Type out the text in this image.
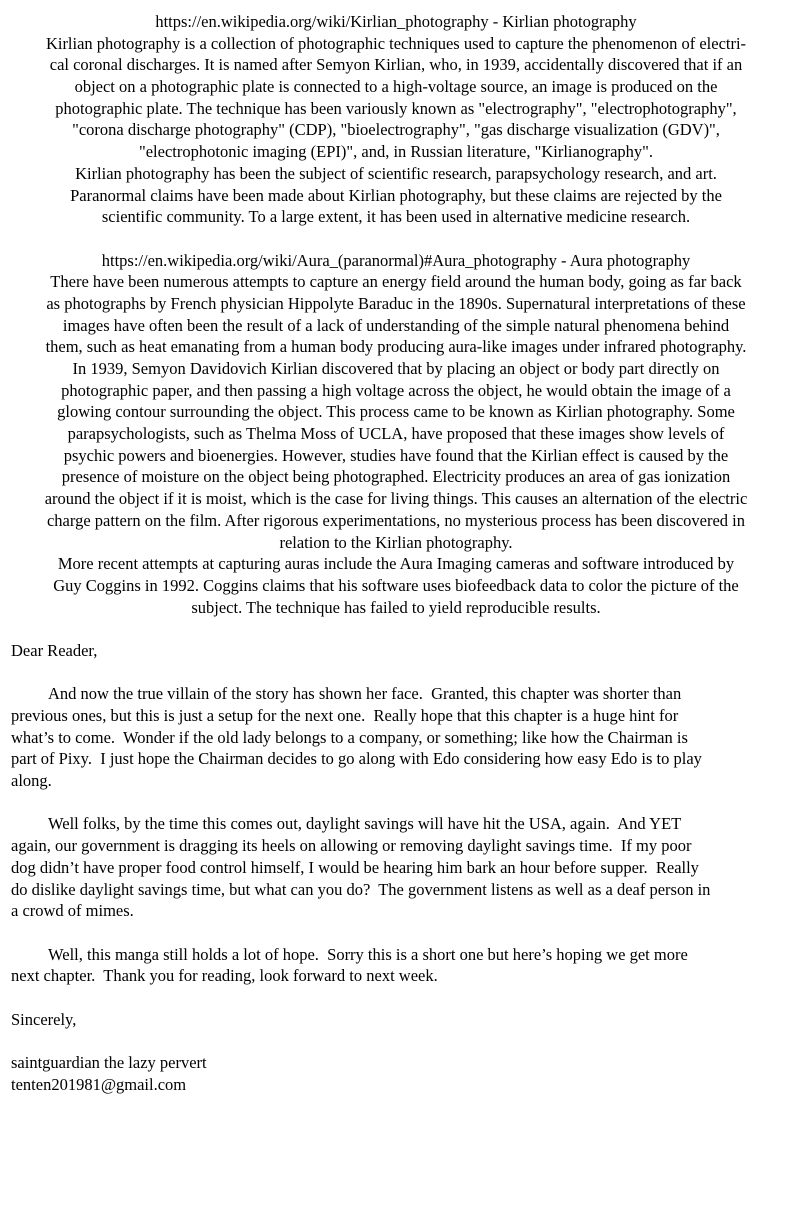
https://en.wikipedia.org/wiki/Kirlian_photography - Kirlian photography
Kirlian photography is a collection of photographic techniques used to capture the phenomenon of electri-
cal coronal discharges. It is named after Semyon Kirlian, who, in 1939, accidentally discovered that if an
object on a photographic plate is connected to a high-voltage source, an image is produced on the
photographic plate. The technique has been variously known as "electrography", "electrophotography",
"corona discharge photography" (CDP), "bioelectrography", "gas discharge visualization (GDV)",
"electrophotonic imaging (EPI)", and, in Russian literature, "Kirlianography".
Kirlian photography has been the subject of scientific research, parapsychology research, and art.
Paranormal claims have been made about Kirlian photography, but these claims are rejected by the
scientific community. To a large extent, it has been used in alternative medicine research.
https://en.wikipedia.org/wiki/Aura_(paranormal)#Aura_photography - Aura photography
There have been numerous attempts to capture an energy field around the human body, going as far back
as photographs by French physician Hippolyte Baraduc in the 1890s. Supernatural interpretations of these
images have often been the result of a lack of understanding of the simple natural phenomena behind
them, such as heat emanating from a human body producing aura-like images under infrared photography.
In 1939, Semyon Davidovich Kirlian discovered that by placing an object or body part directly on
photographic paper, and then passing a high voltage across the object, he would obtain the image of a
glowing contour surrounding the object. This process came to be known as Kirlian photography. Some
parapsychologists, such as Thelma Moss of UCLA, have proposed that these images show levels of
psychic powers and bioenergies. However, studies have found that the Kirlian effect is caused by the
presence of moisture on the object being photographed. Electricity produces an area of gas ionization
around the object if it is moist, which is the case for living things. This causes an alternation of the electric
charge pattern on the film. After rigorous experimentations, no mysterious process has been discovered in
relation to the Kirlian photography.
More recent attempts at capturing auras include the Aura Imaging cameras and software introduced by
Guy Coggins in 1992. Coggins claims that his software uses biofeedback data to color the picture of the
subject. The technique has failed to yield reproducible results.
Dear Reader,
And now the true villain of the story has shown her face.  Granted, this chapter was shorter than
previous ones, but this is just a setup for the next one.  Really hope that this chapter is a huge hint for
what’s to come.  Wonder if the old lady belongs to a company, or something; like how the Chairman is
part of Pixy.  I just hope the Chairman decides to go along with Edo considering how easy Edo is to play
along.
Well folks, by the time this comes out, daylight savings will have hit the USA, again.  And YET
again, our government is dragging its heels on allowing or removing daylight savings time.  If my poor
dog didn’t have proper food control himself, I would be hearing him bark an hour before supper.  Really
do dislike daylight savings time, but what can you do?  The government listens as well as a deaf person in
a crowd of mimes.
Well, this manga still holds a lot of hope.  Sorry this is a short one but here’s hoping we get more
next chapter.  Thank you for reading, look forward to next week.
Sincerely,
saintguardian the lazy pervert
tenten201981@gmail.com
